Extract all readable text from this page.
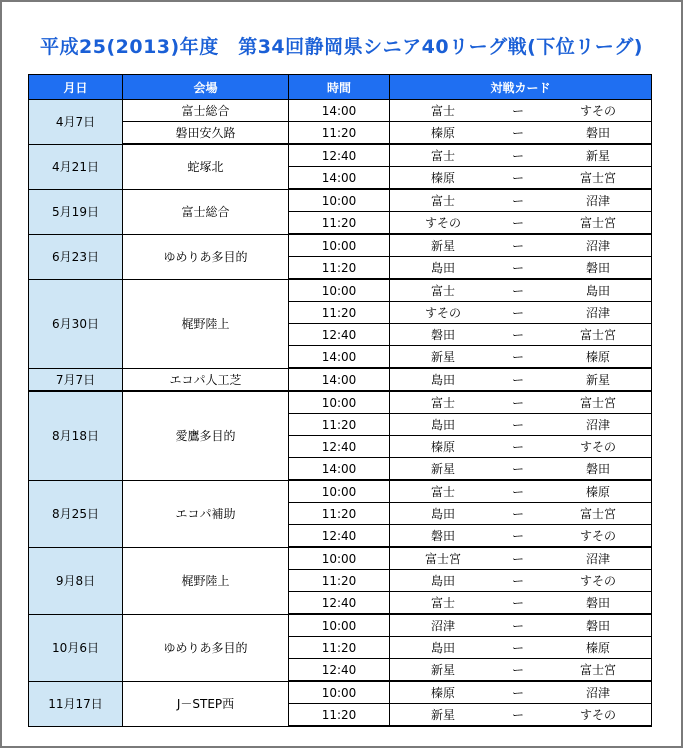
平成25(2013)年度　第34回静岡県シニア40リーグ戦(下位リーグ)
月日	会場	時間	対戦カード
4月7日	富士総合	14:00	富士 ー すその

	磐田安久路	11:20	榛原 ー 磐田

4月21日	蛇塚北	12:40	富士 ー 新星

		14:00	榛原 ー 富士宮

5月19日	富士総合	10:00	富士 ー 沼津

		11:20	すその ー 富士宮

6月23日	ゆめりあ多目的	10:00	新星 ー 沼津

		11:20	島田 ー 磐田

6月30日	梶野陸上	10:00	富士 ー 島田

		11:20	すその ー 沼津

		12:40	磐田 ー 富士宮

		14:00	新星 ー 榛原

7月7日	エコパ人工芝	14:00	島田 ー 新星

8月18日	愛鷹多目的	10:00	富士 ー 富士宮

		11:20	島田 ー 沼津

		12:40	榛原 ー すその

		14:00	新星 ー 磐田

8月25日	エコパ補助	10:00	富士 ー 榛原

		11:20	島田 ー 富士宮

		12:40	磐田 ー すその

9月8日	梶野陸上	10:00	富士宮 ー 沼津

		11:20	島田 ー すその

		12:40	富士 ー 磐田

10月6日	ゆめりあ多目的	10:00	沼津 ー 磐田

		11:20	島田 ー 榛原

		12:40	新星 ー 富士宮

11月17日	J－STEP西	10:00	榛原 ー 沼津

		11:20	新星 ー すその
